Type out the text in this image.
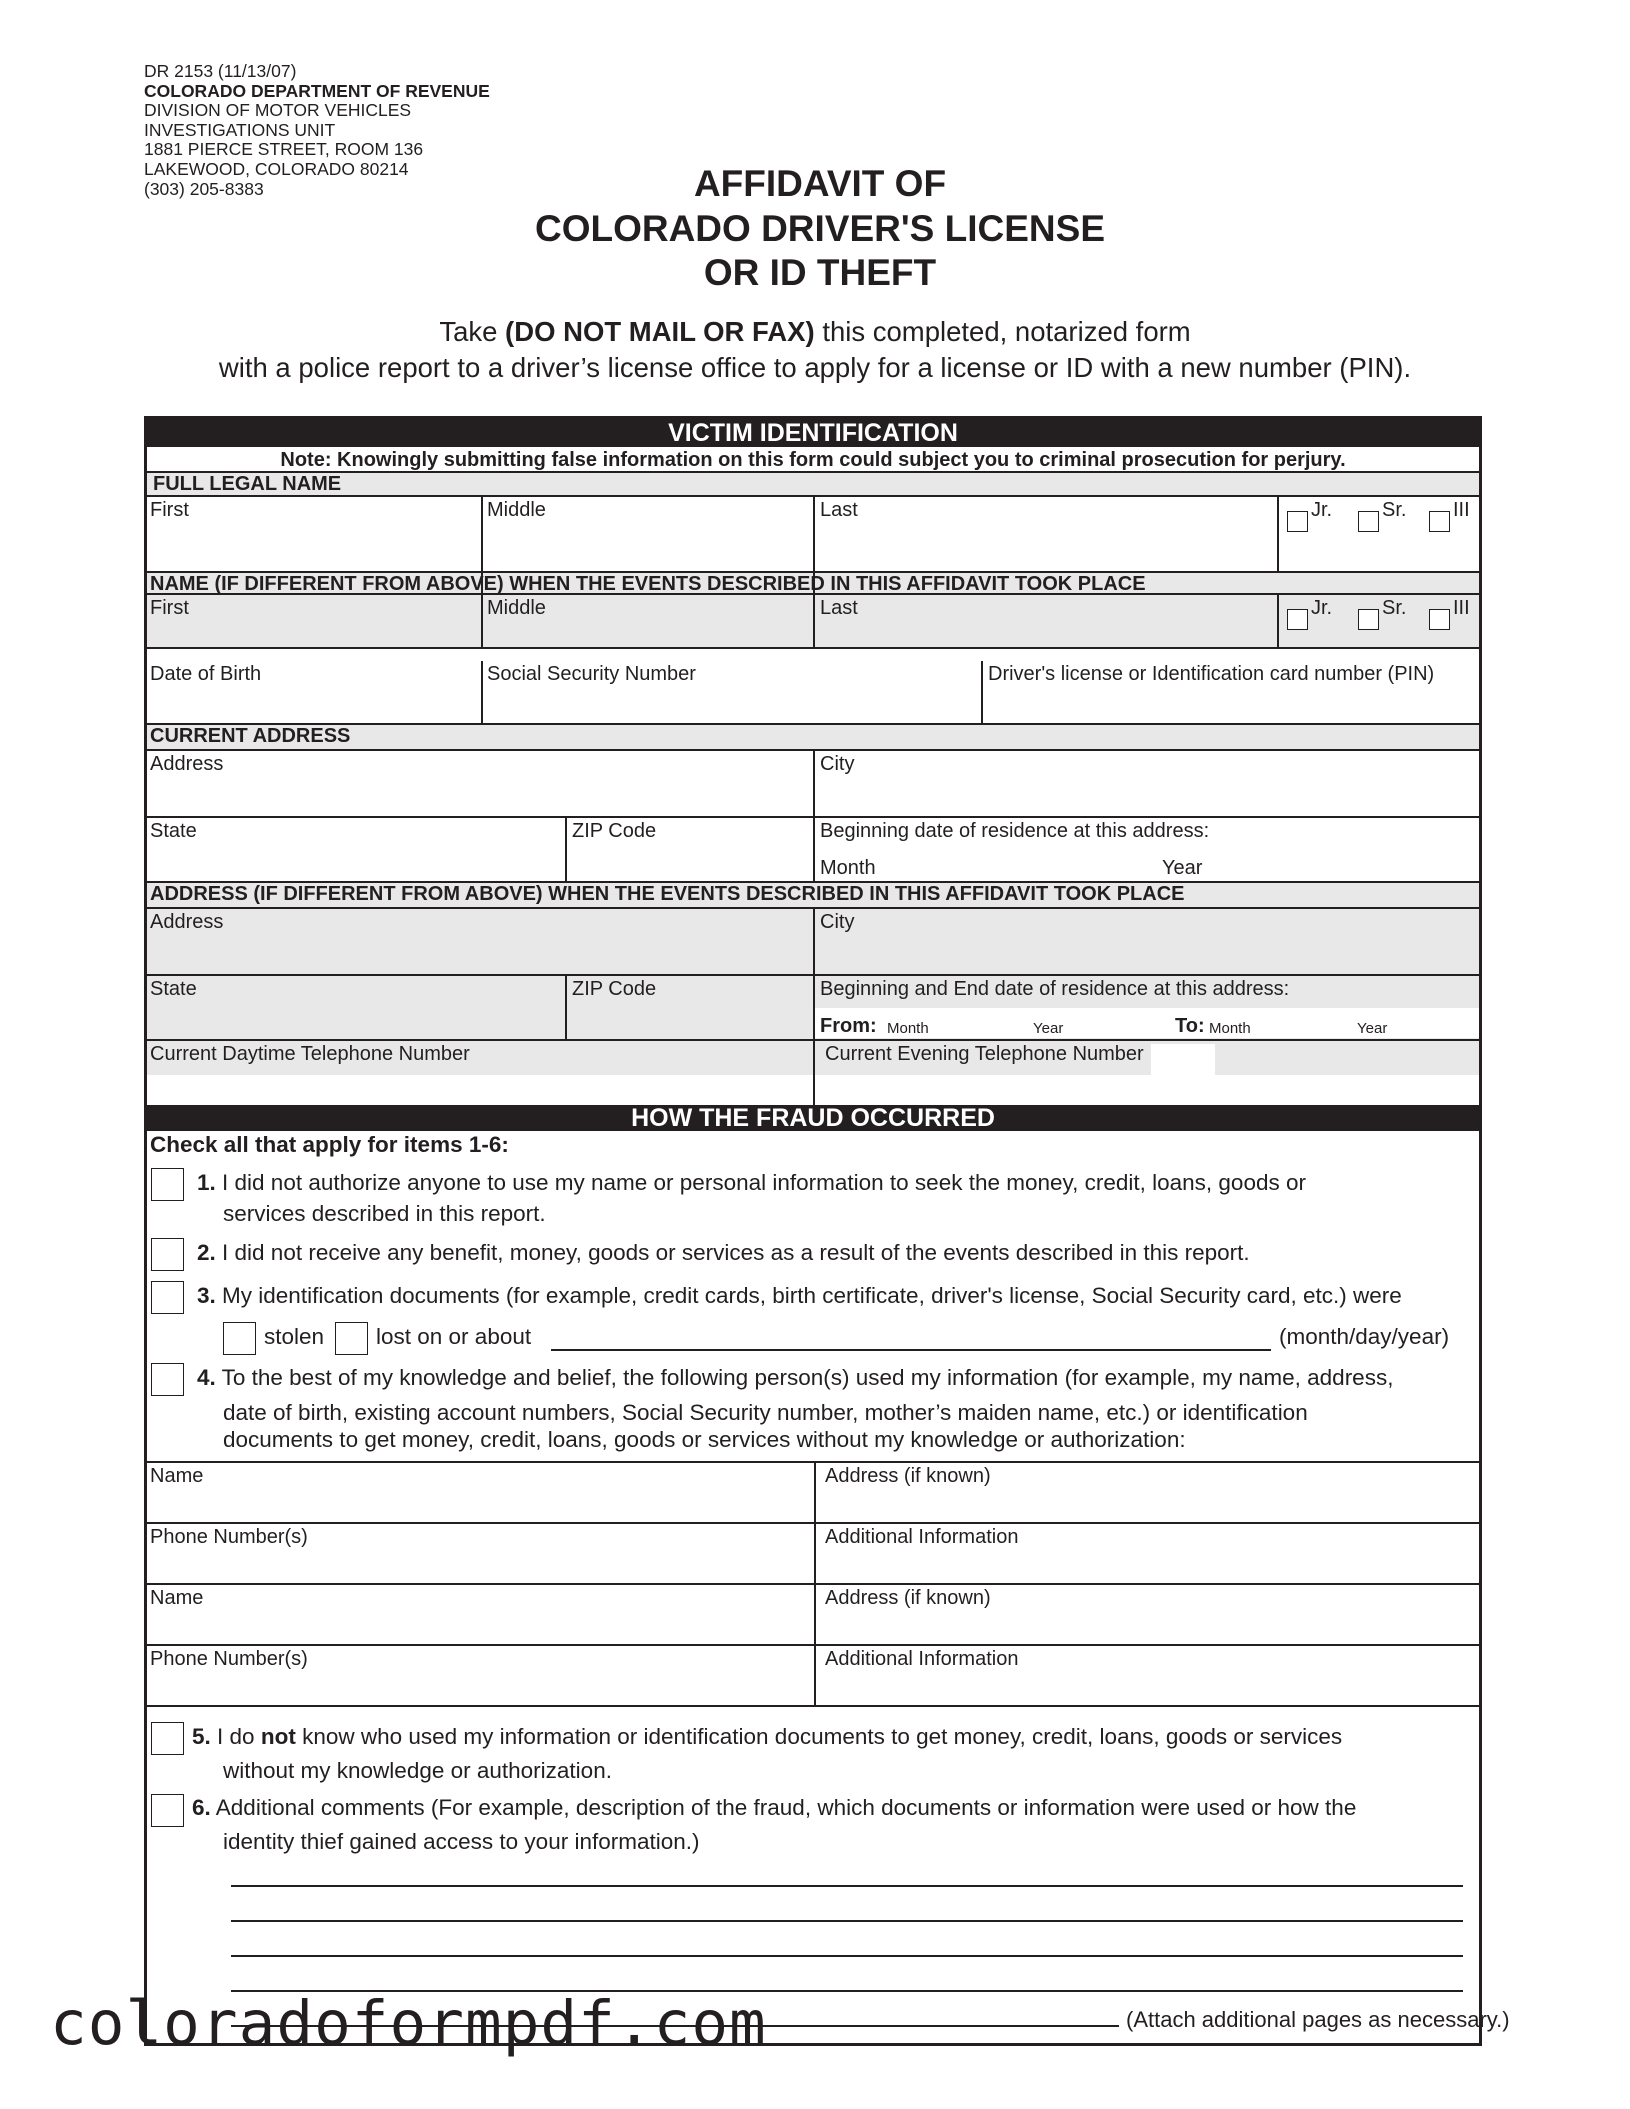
DR 2153 (11/13/07)
COLORADO DEPARTMENT OF REVENUE
DIVISION OF MOTOR VEHICLES
INVESTIGATIONS UNIT
1881 PIERCE STREET, ROOM 136
LAKEWOOD, COLORADO 80214
(303) 205-8383	AFFIDAVIT OF
COLORADO DRIVER'S LICENSE
OR ID THEFT
Take (DO NOT MAIL OR FAX) this completed, notarized form
with a police report to a driver’s license office to apply for a license or ID with a new number (PIN).
VICTIM IDENTIFICATION
Note: Knowingly submitting false information on this form could subject you to criminal prosecution for perjury.
FULL LEGAL NAME
First	Middle	Last	Jr. Sr. III
NAME (IF DIFFERENT FROM ABOVE) WHEN THE EVENTS DESCRIBED IN THIS AFFIDAVIT TOOK PLACE
First	Middle	Last	Jr. Sr. III
Date of Birth	Social Security Number	Driver's license or Identification card number (PIN)
CURRENT ADDRESS
Address	City
State	ZIP Code	Beginning date of residence at this address:
Month	Year
ADDRESS (IF DIFFERENT FROM ABOVE) WHEN THE EVENTS DESCRIBED IN THIS AFFIDAVIT TOOK PLACE
Address	City
State	ZIP Code	Beginning and End date of residence at this address:
From: Month	Year	To: Month	Year
Current Daytime Telephone Number	Current Evening Telephone Number
HOW THE FRAUD OCCURRED
Check all that apply for items 1-6:
1. I did not authorize anyone to use my name or personal information to seek the money, credit, loans, goods or
services described in this report.
2. I did not receive any benefit, money, goods or services as a result of the events described in this report.
3. My identification documents (for example, credit cards, birth certificate, driver's license, Social Security card, etc.) were
stolen lost on or about	(month/day/year)
4. To the best of my knowledge and belief, the following person(s) used my information (for example, my name, address,
date of birth, existing account numbers, Social Security number, mother’s maiden name, etc.) or identification
documents to get money, credit, loans, goods or services without my knowledge or authorization:
Name	Address (if known)
Phone Number(s)	Additional Information
Name	Address (if known)
Phone Number(s)	Additional Information
5. I do not know who used my information or identification documents to get money, credit, loans, goods or services
without my knowledge or authorization.
6. Additional comments (For example, description of the fraud, which documents or information were used or how the
identity thief gained access to your information.)
(Attach additional pages as necessary.)
coloradoformpdf.com
